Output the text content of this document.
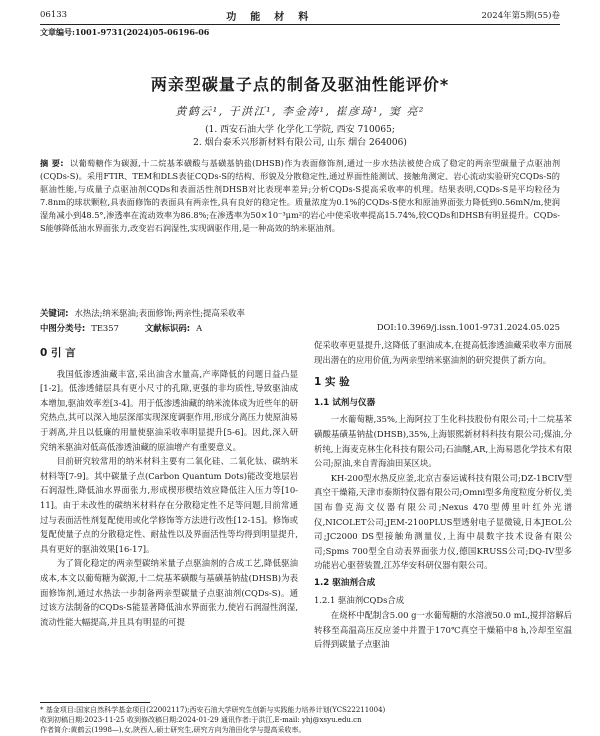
06133	功能材料	2024年第5期(55)卷
文章编号:1001-9731(2024)05-06196-06
两亲型碳量子点的制备及驱油性能评价*
黄鹤云¹, 于洪江¹, 李金涛¹, 崔彦琦¹, 窦 亮²
(1. 西安石油大学 化学化工学院, 西安 710065;
2. 烟台泰禾兴形新材料有限公司, 山东 烟台 264006)
摘 要: 以葡萄糖作为碳源,十二烷基苯磺酸与基磺基钠盐(DHSB)作为表面修饰剂,通过一步水热法被使合成了稳定的两亲型碳量子点驱油剂(CQDs-S)。采用FTIR、TEM和DLS表征CQDs-S的结构、形貌及分散稳定性,通过界面性能测试、接触角测定、岩心流动实验研究CQDs-S的驱油性能,与成量子点驱油剂CQDs和表面活性剂DHSB对比表现率差异;分析CQDs-S提高采收率的机理。结果表明,CQDs-S是平均粒径为7.8nm的球状颗粒,具表面修饰的表面具有两亲性,具有良好的稳定性。质量浓度为0.1%的CQDs-S使水和原油界面张力降低到0.56mN/m,使润湿角减小到48.5°,渗透率在流动效率为86.8%;在渗透率为50×10⁻³μm²的岩心中使采收率提高15.74%,较CQDs和DHSB有明显提升。CQDs-S能够降低油水界面张力,改变岩石润湿性,实现调驱作用,是一种高效的纳米驱油剂。
关键词: 水热法;纳米驱油;表面修饰;两亲性;提高采收率
中图分类号: TE357	文献标识码: A	DOI:10.3969/j.issn.1001-9731.2024.05.025
0 引 言

我国低渗透油藏丰富,采出油含水量高,产率降低的问题日益凸显[1-2]。低渗透储层具有更小尺寸的孔隙,更强的非均质性,导致驱油成本增加,驱油效率差[3-4]。用于低渗透油藏的纳米流体成为近些年的研究热点,其可以深入地层深部实现深度调驱作用,形成分离压力使原油易于剥离,并且以低廉的用量使驱油采收率明显提升[5-6]。因此,深入研究纳米驱油对低高低渗透油藏的原油增产有重要意义。

目前研究较常用的纳米材料主要有二氧化硅、二氧化钛、碳纳米材料等[7-9]。其中碳量子点(Carbon Quantum Dots)能改变地层岩石润湿性,降低油水界面张力,形成楔形楔结效应降低注入压力等[10-11]。由于未改性的碳纳米材料存在分散稳定性不足等问题,目前常通过与表面活性剂复配使用或化学修饰等方法进行改性[12-15]。修饰或复配使量子点的分散稳定性、耐盐性以及界面活性等均得到明显提升,具有更好的驱油效果[16-17]。

为了简化稳定的两亲型碳纳米量子点驱油剂的合成工艺,降低驱油成本,本文以葡萄糖为碳源,十二烷基苯磺酸与基磺基钠盐(DHSB)为表面修饰剂,通过水热法一步制备两亲型碳量子点驱油剂(CQDs-S)。通过该方法制备的CQDs-S能显著降低油水界面张力,使岩石润湿性润湿,流动性能大幅提高,并且具有明显的可提

促采收率更显提升,这降低了驱油成本,在提高低渗透油藏采收率方面展现出潜在的应用价值,为两亲型纳米驱油剂的研究提供了新方向。

1 实 验
1.1 试剂与仪器

一水葡萄糖,35%,上海阿拉丁生化科技股份有限公司;十二烷基苯磺酸基磺基钠盐(DHSB),35%,上海银熙新材料科技有限公司;煤油,分析纯,上海麦克林生化科技有限公司;石油醚,AR,上海易恩化学技术有限公司;原油,来自青海油田某区块。

KH-200型水热反应釜,北京吉泰运诚科技有限公司;DZ-1BCIV型真空干燥箱,天津市泰斯特仪器有限公司;Omni型多角度粒度分析仪,美国布鲁克海文仪器有限公司;Nexus 470型傅里叶红外光谱仪,NICOLET公司;JEM-2100PLUS型透射电子显微镜,日本JEOL公司;JC2000 DS型接触角测量仪,上海中晨数字技术设备有限公司;Spms 700型全自动表界面张力仪,德国KRUSS公司;DQ-IV型多功能岩心驱替装置,江苏华安科研仪器有限公司。

1.2 驱油剂合成
1.2.1 驱油剂CQDs合成

在烧杯中配制含5.00 g一水葡萄糖的水溶液50.0 mL,搅拌溶解后转移至高温高压反应釜中并置于170℃真空干燥箱中8 h,冷却至室温后得到碳量子点驱油

* 基金项目:国家自然科学基金项目(22002117);西安石油大学研究生创新与实践能力培养计划(YCS22211004)
收到初稿日期:2023-11-25 收到修改稿日期:2024-01-29 通讯作者:于洪江,E-mail: yhj@xsyu.edu.cn
作者简介:黄鹤云(1998—),女,陕西人,硕士研究生,研究方向为油田化学与提高采收率。
